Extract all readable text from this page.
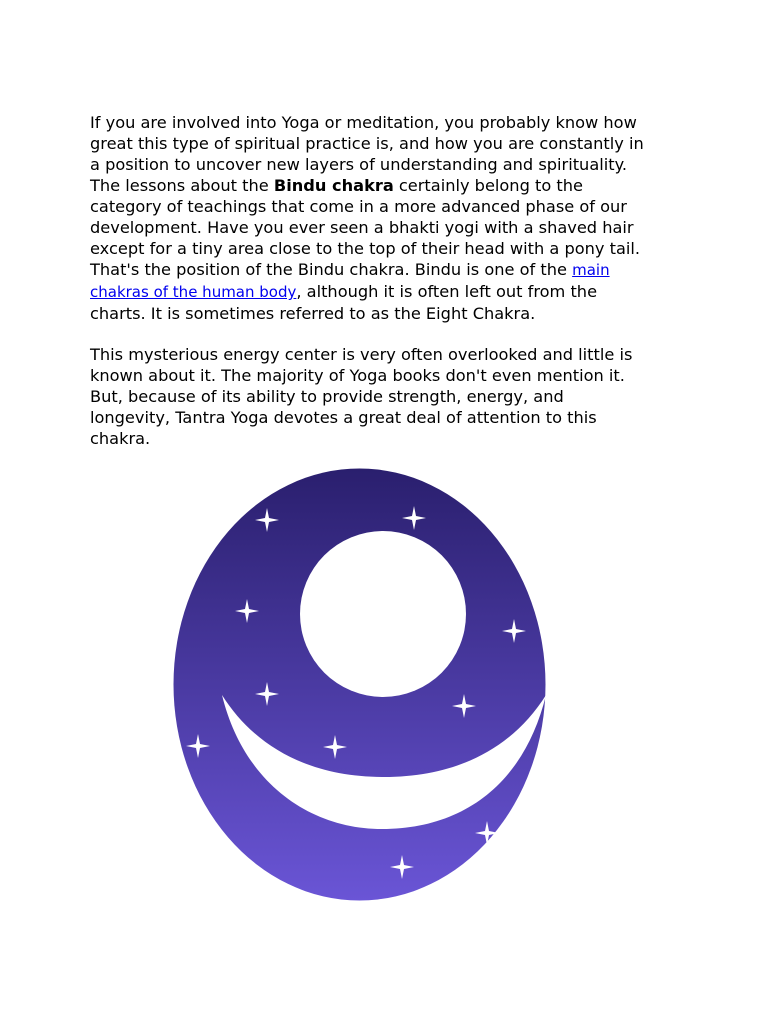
If you are involved into Yoga or meditation, you probably know how
great this type of spiritual practice is, and how you are constantly in
a position to uncover new layers of understanding and spirituality.
The lessons about the Bindu chakra certainly belong to the
category of teachings that come in a more advanced phase of our
development. Have you ever seen a bhakti yogi with a shaved hair
except for a tiny area close to the top of their head with a pony tail.
That's the position of the Bindu chakra. Bindu is one of the main
chakras of the human body, although it is often left out from the
charts. It is sometimes referred to as the Eight Chakra.

This mysterious energy center is very often overlooked and little is
known about it. The majority of Yoga books don't even mention it.
But, because of its ability to provide strength, energy, and
longevity, Tantra Yoga devotes a great deal of attention to this
chakra.
